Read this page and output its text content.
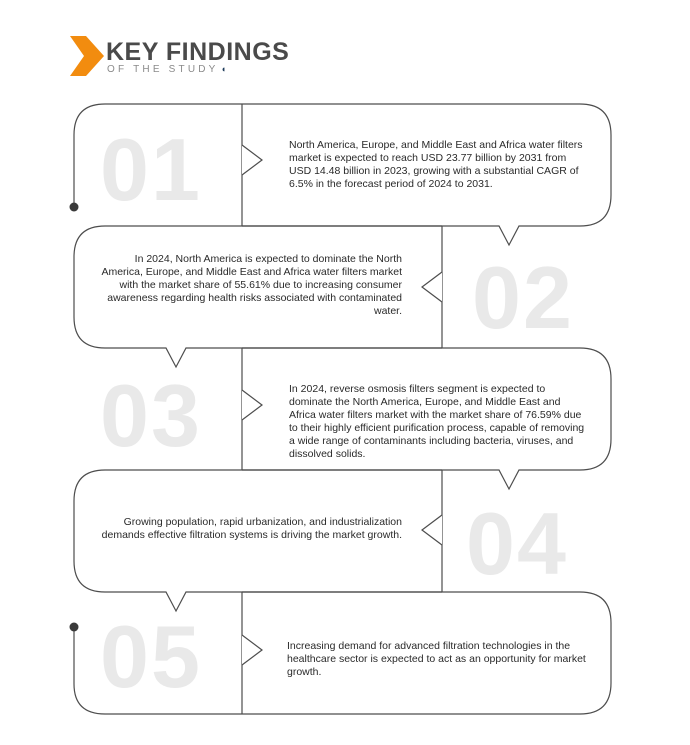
KEY FINDINGS
OF THE STUDY ◖
01	North America, Europe, and Middle East and Africa water filters market is expected to reach USD 23.77 billion by 2031 from USD 14.48 billion in 2023, growing with a substantial CAGR of 6.5% in the forecast period of 2024 to 2031.
02
In 2024, North America is expected to dominate the North America, Europe, and Middle East and Africa water filters market with the market share of 55.61% due to increasing consumer awareness regarding health risks associated with contaminated water.
03	In 2024, reverse osmosis filters segment is expected to dominate the North America, Europe, and Middle East and Africa water filters market with the market share of 76.59% due to their highly efficient purification process, capable of removing a wide range of contaminants including bacteria, viruses, and dissolved solids.
04
Growing population, rapid urbanization, and industrialization demands effective filtration systems is driving the market growth.
05	Increasing demand for advanced filtration technologies in the healthcare sector is expected to act as an opportunity for market growth.
